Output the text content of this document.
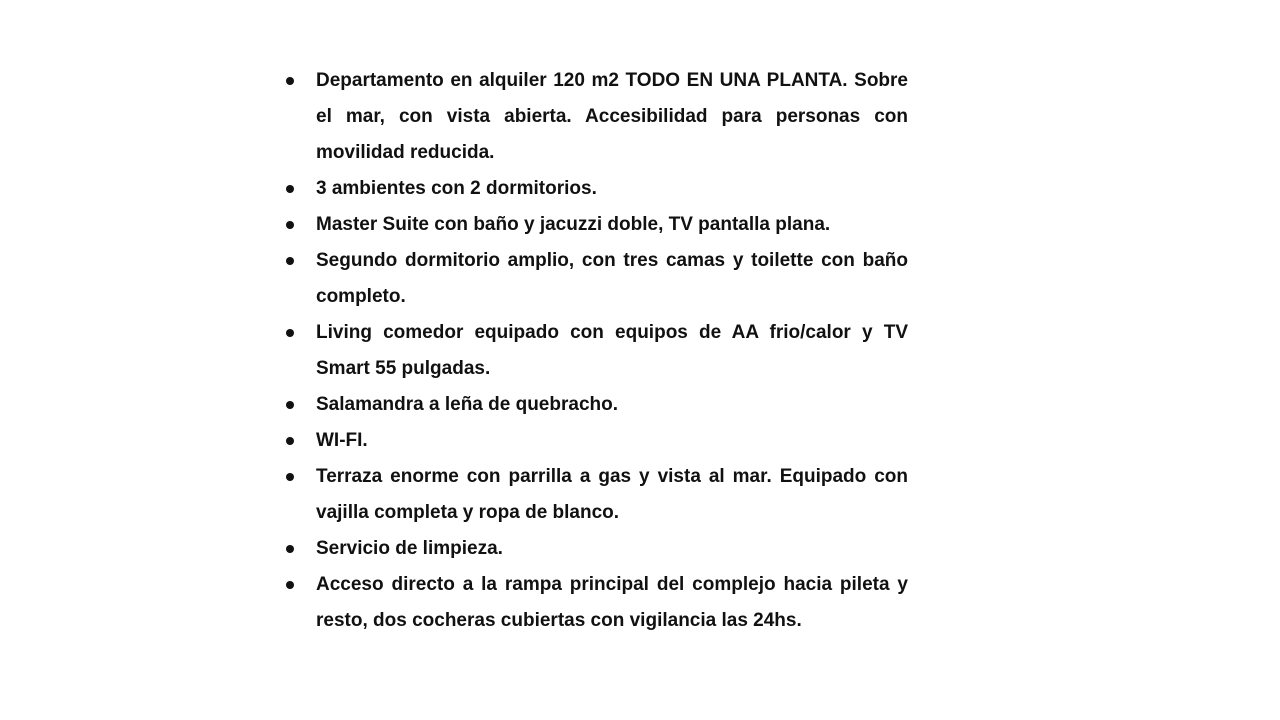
Departamento en alquiler 120 m2 TODO EN UNA PLANTA. Sobre el mar, con vista abierta. Accesibilidad para personas con movilidad reducida.
3 ambientes con 2 dormitorios.
Master Suite con baño y jacuzzi doble, TV pantalla plana.
Segundo dormitorio amplio, con tres camas y toilette con baño completo.
Living comedor equipado con equipos de AA frio/calor y TV Smart 55 pulgadas.
Salamandra a leña de quebracho.
WI-FI.
Terraza enorme con parrilla a gas y vista al mar. Equipado con vajilla completa y ropa de blanco.
Servicio de limpieza.
Acceso directo a la rampa principal del complejo hacia pileta y resto, dos cocheras cubiertas con vigilancia las 24hs.
